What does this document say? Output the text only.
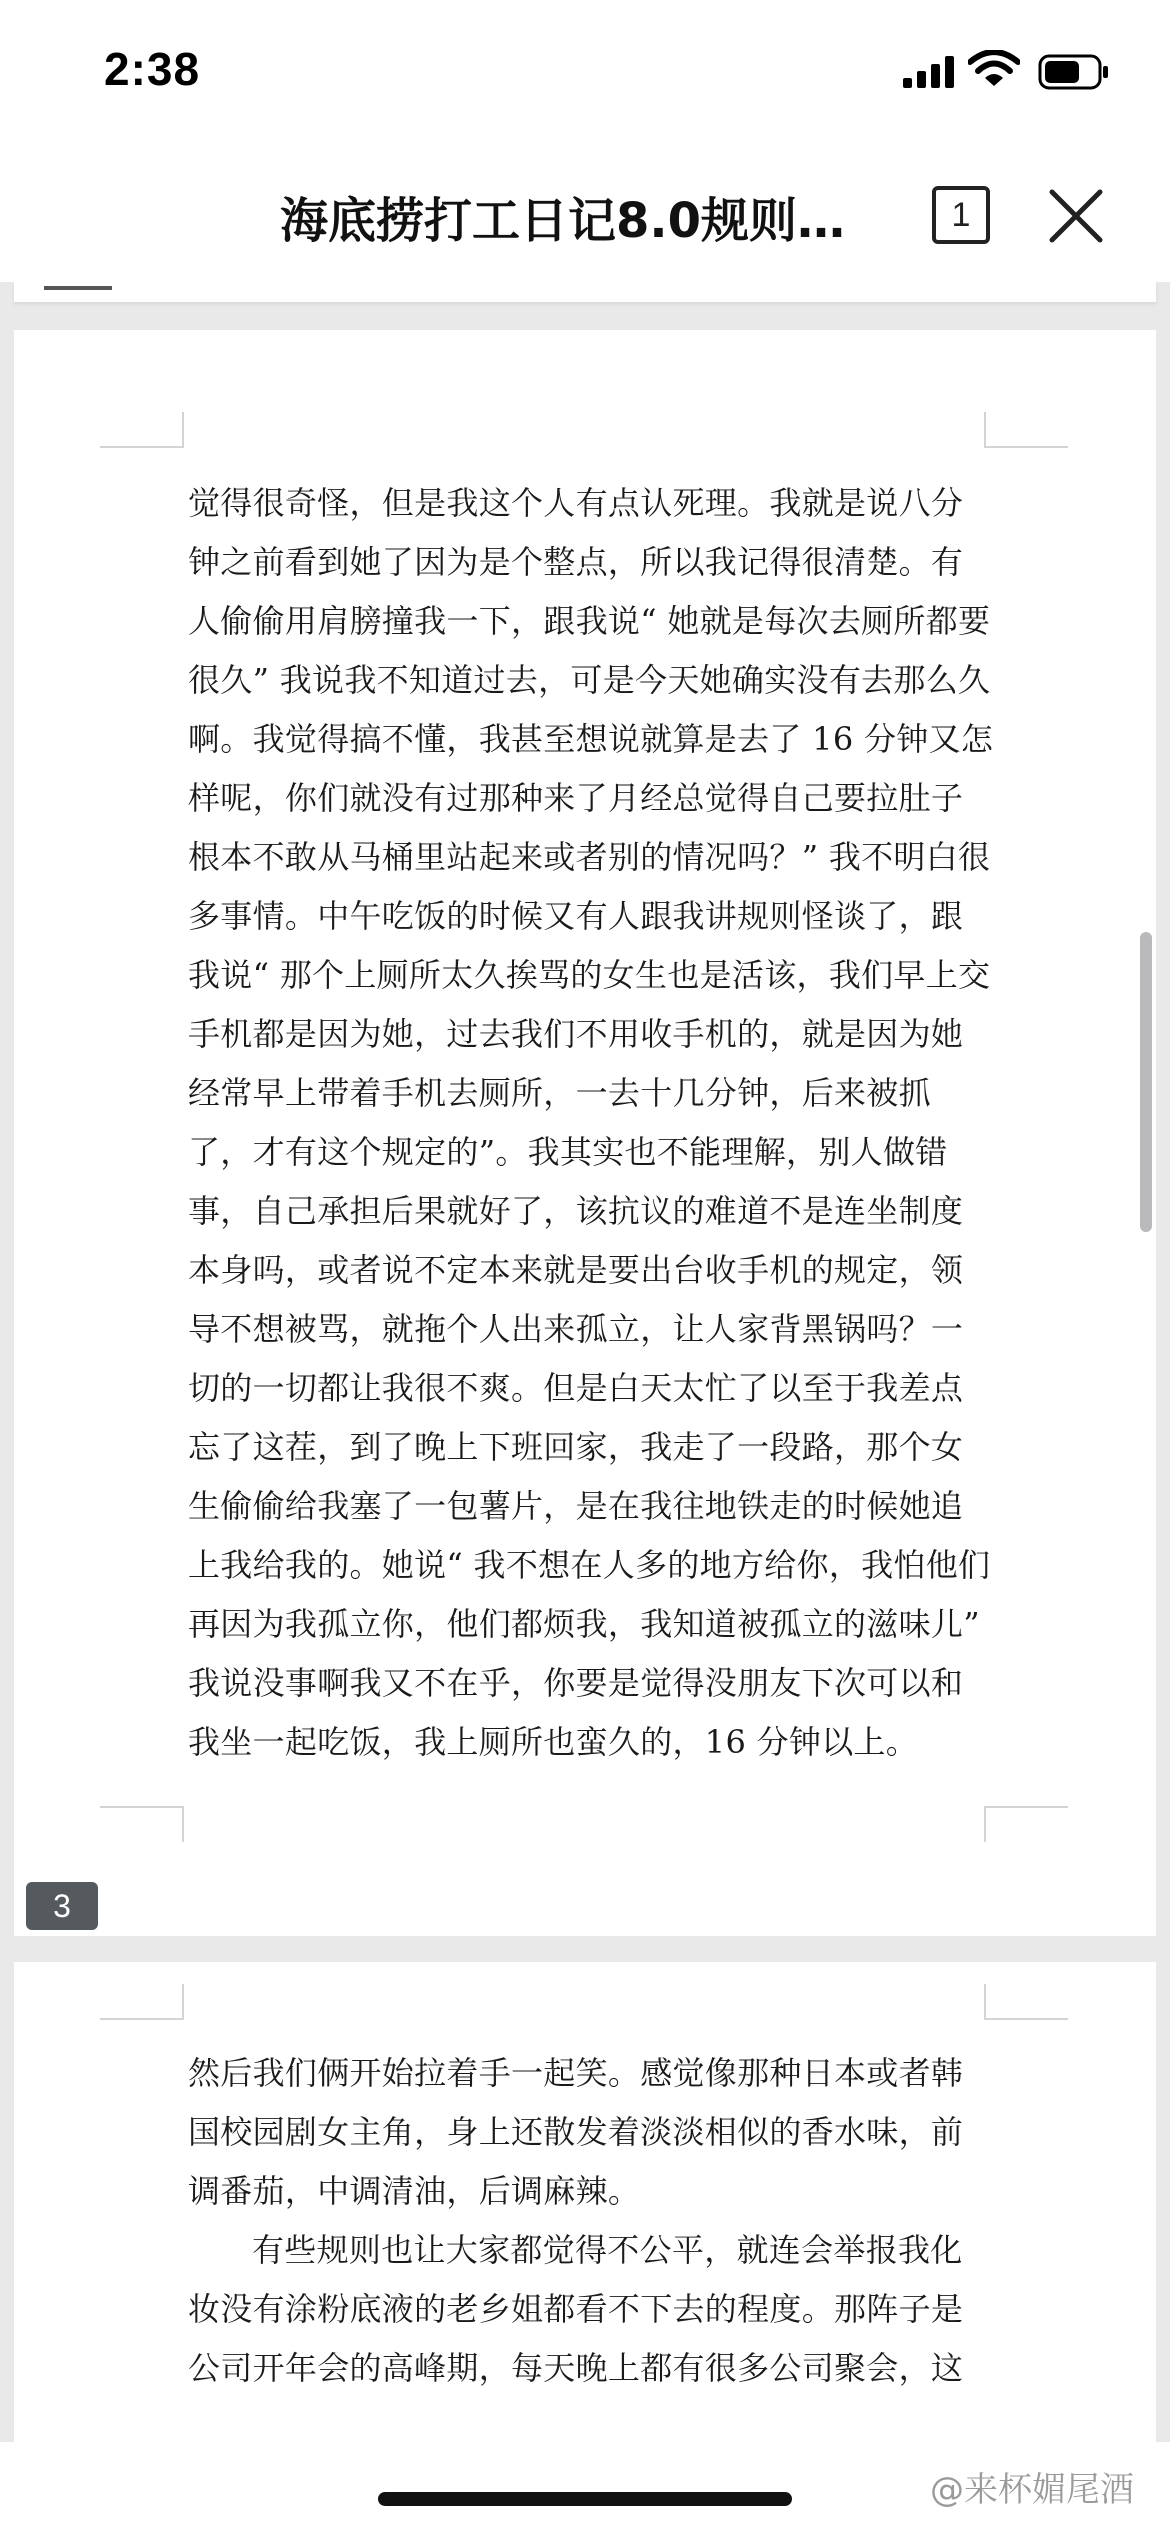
2:38
海底捞打工日记8.0规则…	1
觉得很奇怪，但是我这个人有点认死理。我就是说八分钟之前看到她了因为是个整点，所以我记得很清楚。有人偷偷用肩膀撞我一下，跟我说“ 她就是每次去厕所都要很久” 我说我不知道过去，可是今天她确实没有去那么久啊。我觉得搞不懂，我甚至想说就算是去了 16 分钟又怎样呢，你们就没有过那种来了月经总觉得自己要拉肚子根本不敢从马桶里站起来或者别的情况吗？” 我不明白很多事情。中午吃饭的时候又有人跟我讲规则怪谈了，跟我说“ 那个上厕所太久挨骂的女生也是活该，我们早上交手机都是因为她，过去我们不用收手机的，就是因为她经常早上带着手机去厕所，一去十几分钟，后来被抓了，才有这个规定的”。我其实也不能理解，别人做错事，自己承担后果就好了，该抗议的难道不是连坐制度本身吗，或者说不定本来就是要出台收手机的规定，领导不想被骂，就拖个人出来孤立，让人家背黑锅吗？一切的一切都让我很不爽。但是白天太忙了以至于我差点忘了这茬，到了晚上下班回家，我走了一段路，那个女生偷偷给我塞了一包薯片，是在我往地铁走的时候她追上我给我的。她说“ 我不想在人多的地方给你，我怕他们再因为我孤立你，他们都烦我，我知道被孤立的滋味儿” 我说没事啊我又不在乎，你要是觉得没朋友下次可以和我坐一起吃饭，我上厕所也蛮久的，16 分钟以上。
然后我们俩开始拉着手一起笑。感觉像那种日本或者韩国校园剧女主角，身上还散发着淡淡相似的香水味，前调番茄，中调清油，后调麻辣。
有些规则也让大家都觉得不公平，就连会举报我化妆没有涂粉底液的老乡姐都看不下去的程度。那阵子是
公司开年会的高峰期，每天晚上都有很多公司聚会，这
3
@来杯媚尾酒
